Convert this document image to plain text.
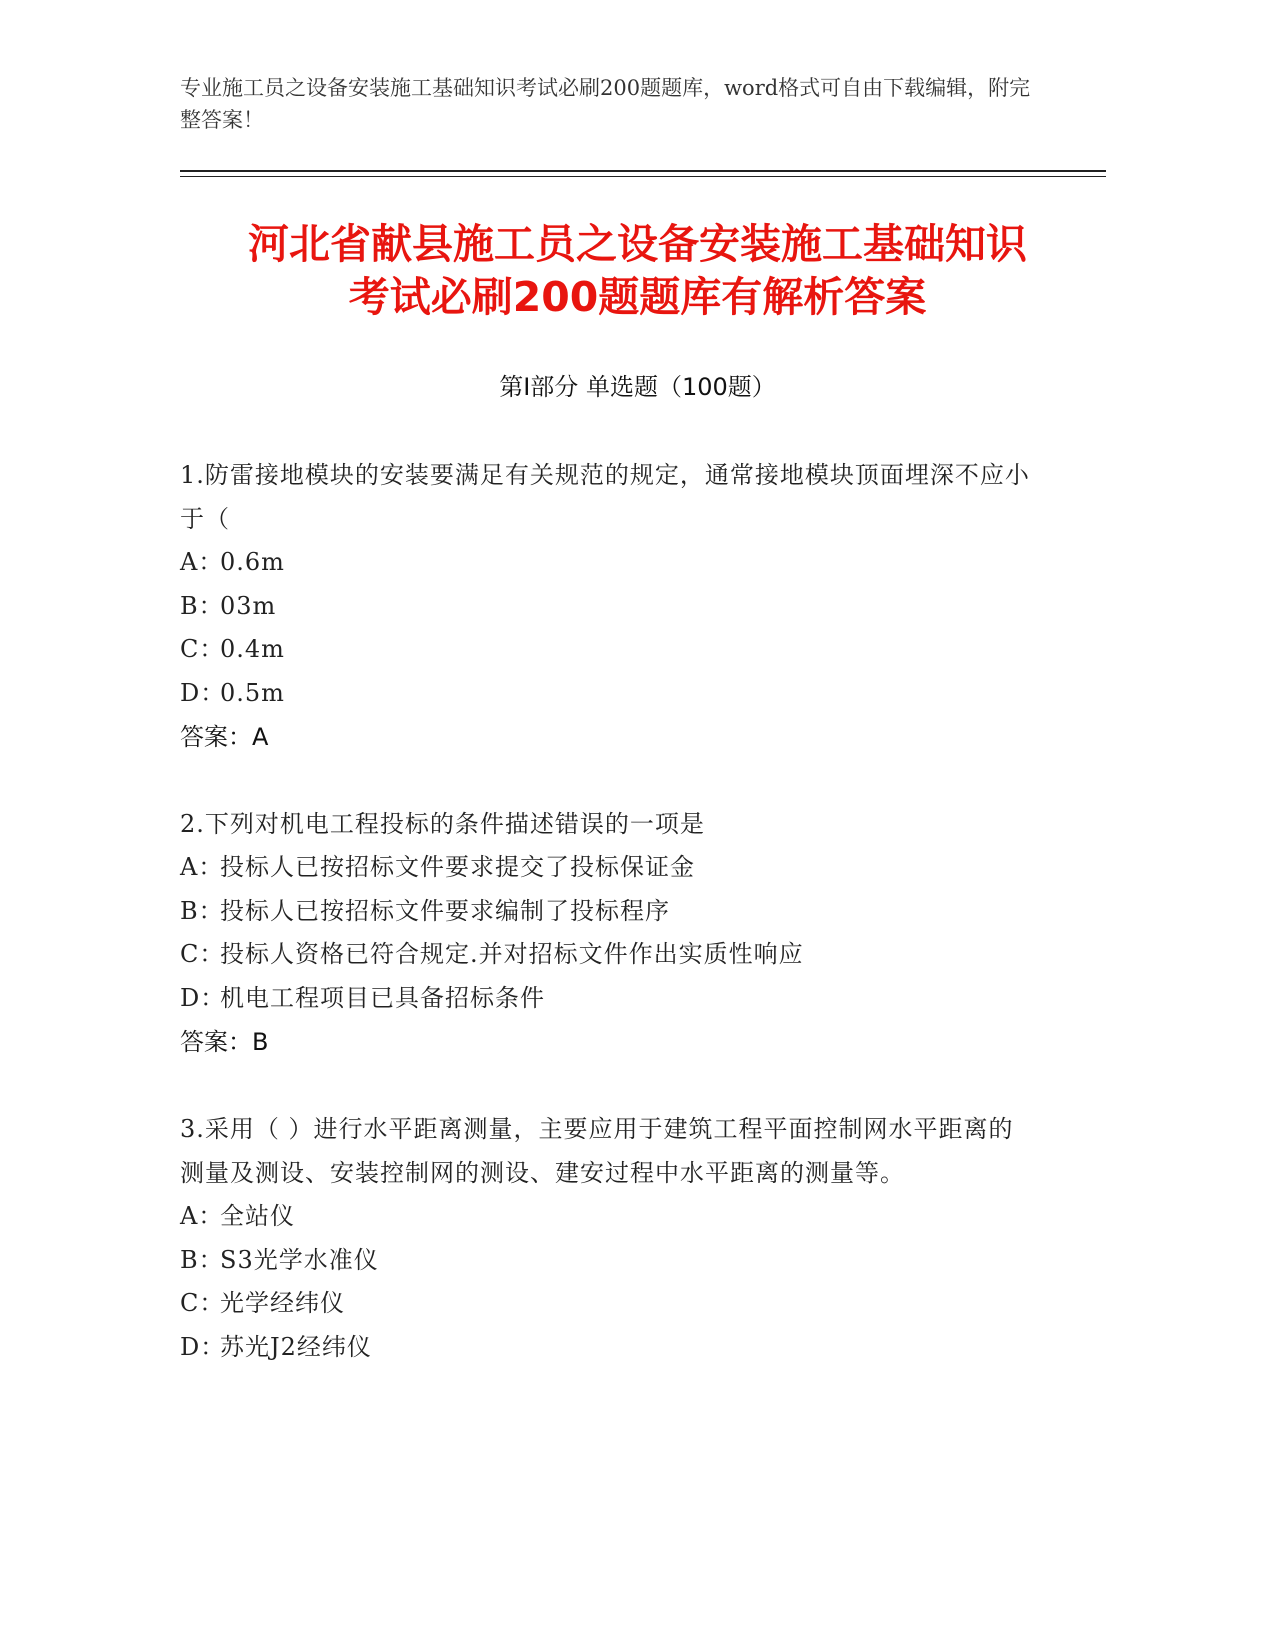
专业施工员之设备安装施工基础知识考试必刷200题题库，word格式可自由下载编辑，附完整答案！
河北省献县施工员之设备安装施工基础知识
考试必刷200题题库有解析答案
第Ⅰ部分 单选题（100题）
1.防雷接地模块的安装要满足有关规范的规定，通常接地模块顶面埋深不应小于（
A：0.6m
B：03m
C：0.4m
D：0.5m
答案：A
2.下列对机电工程投标的条件描述错误的一项是
A：投标人已按招标文件要求提交了投标保证金
B：投标人已按招标文件要求编制了投标程序
C：投标人资格已符合规定.并对招标文件作出实质性响应
D：机电工程项目已具备招标条件
答案：B
3.采用（ ）进行水平距离测量，主要应用于建筑工程平面控制网水平距离的测量及测设、安装控制网的测设、建安过程中水平距离的测量等。
A：全站仪
B：S3光学水准仪
C：光学经纬仪
D：苏光J2经纬仪
